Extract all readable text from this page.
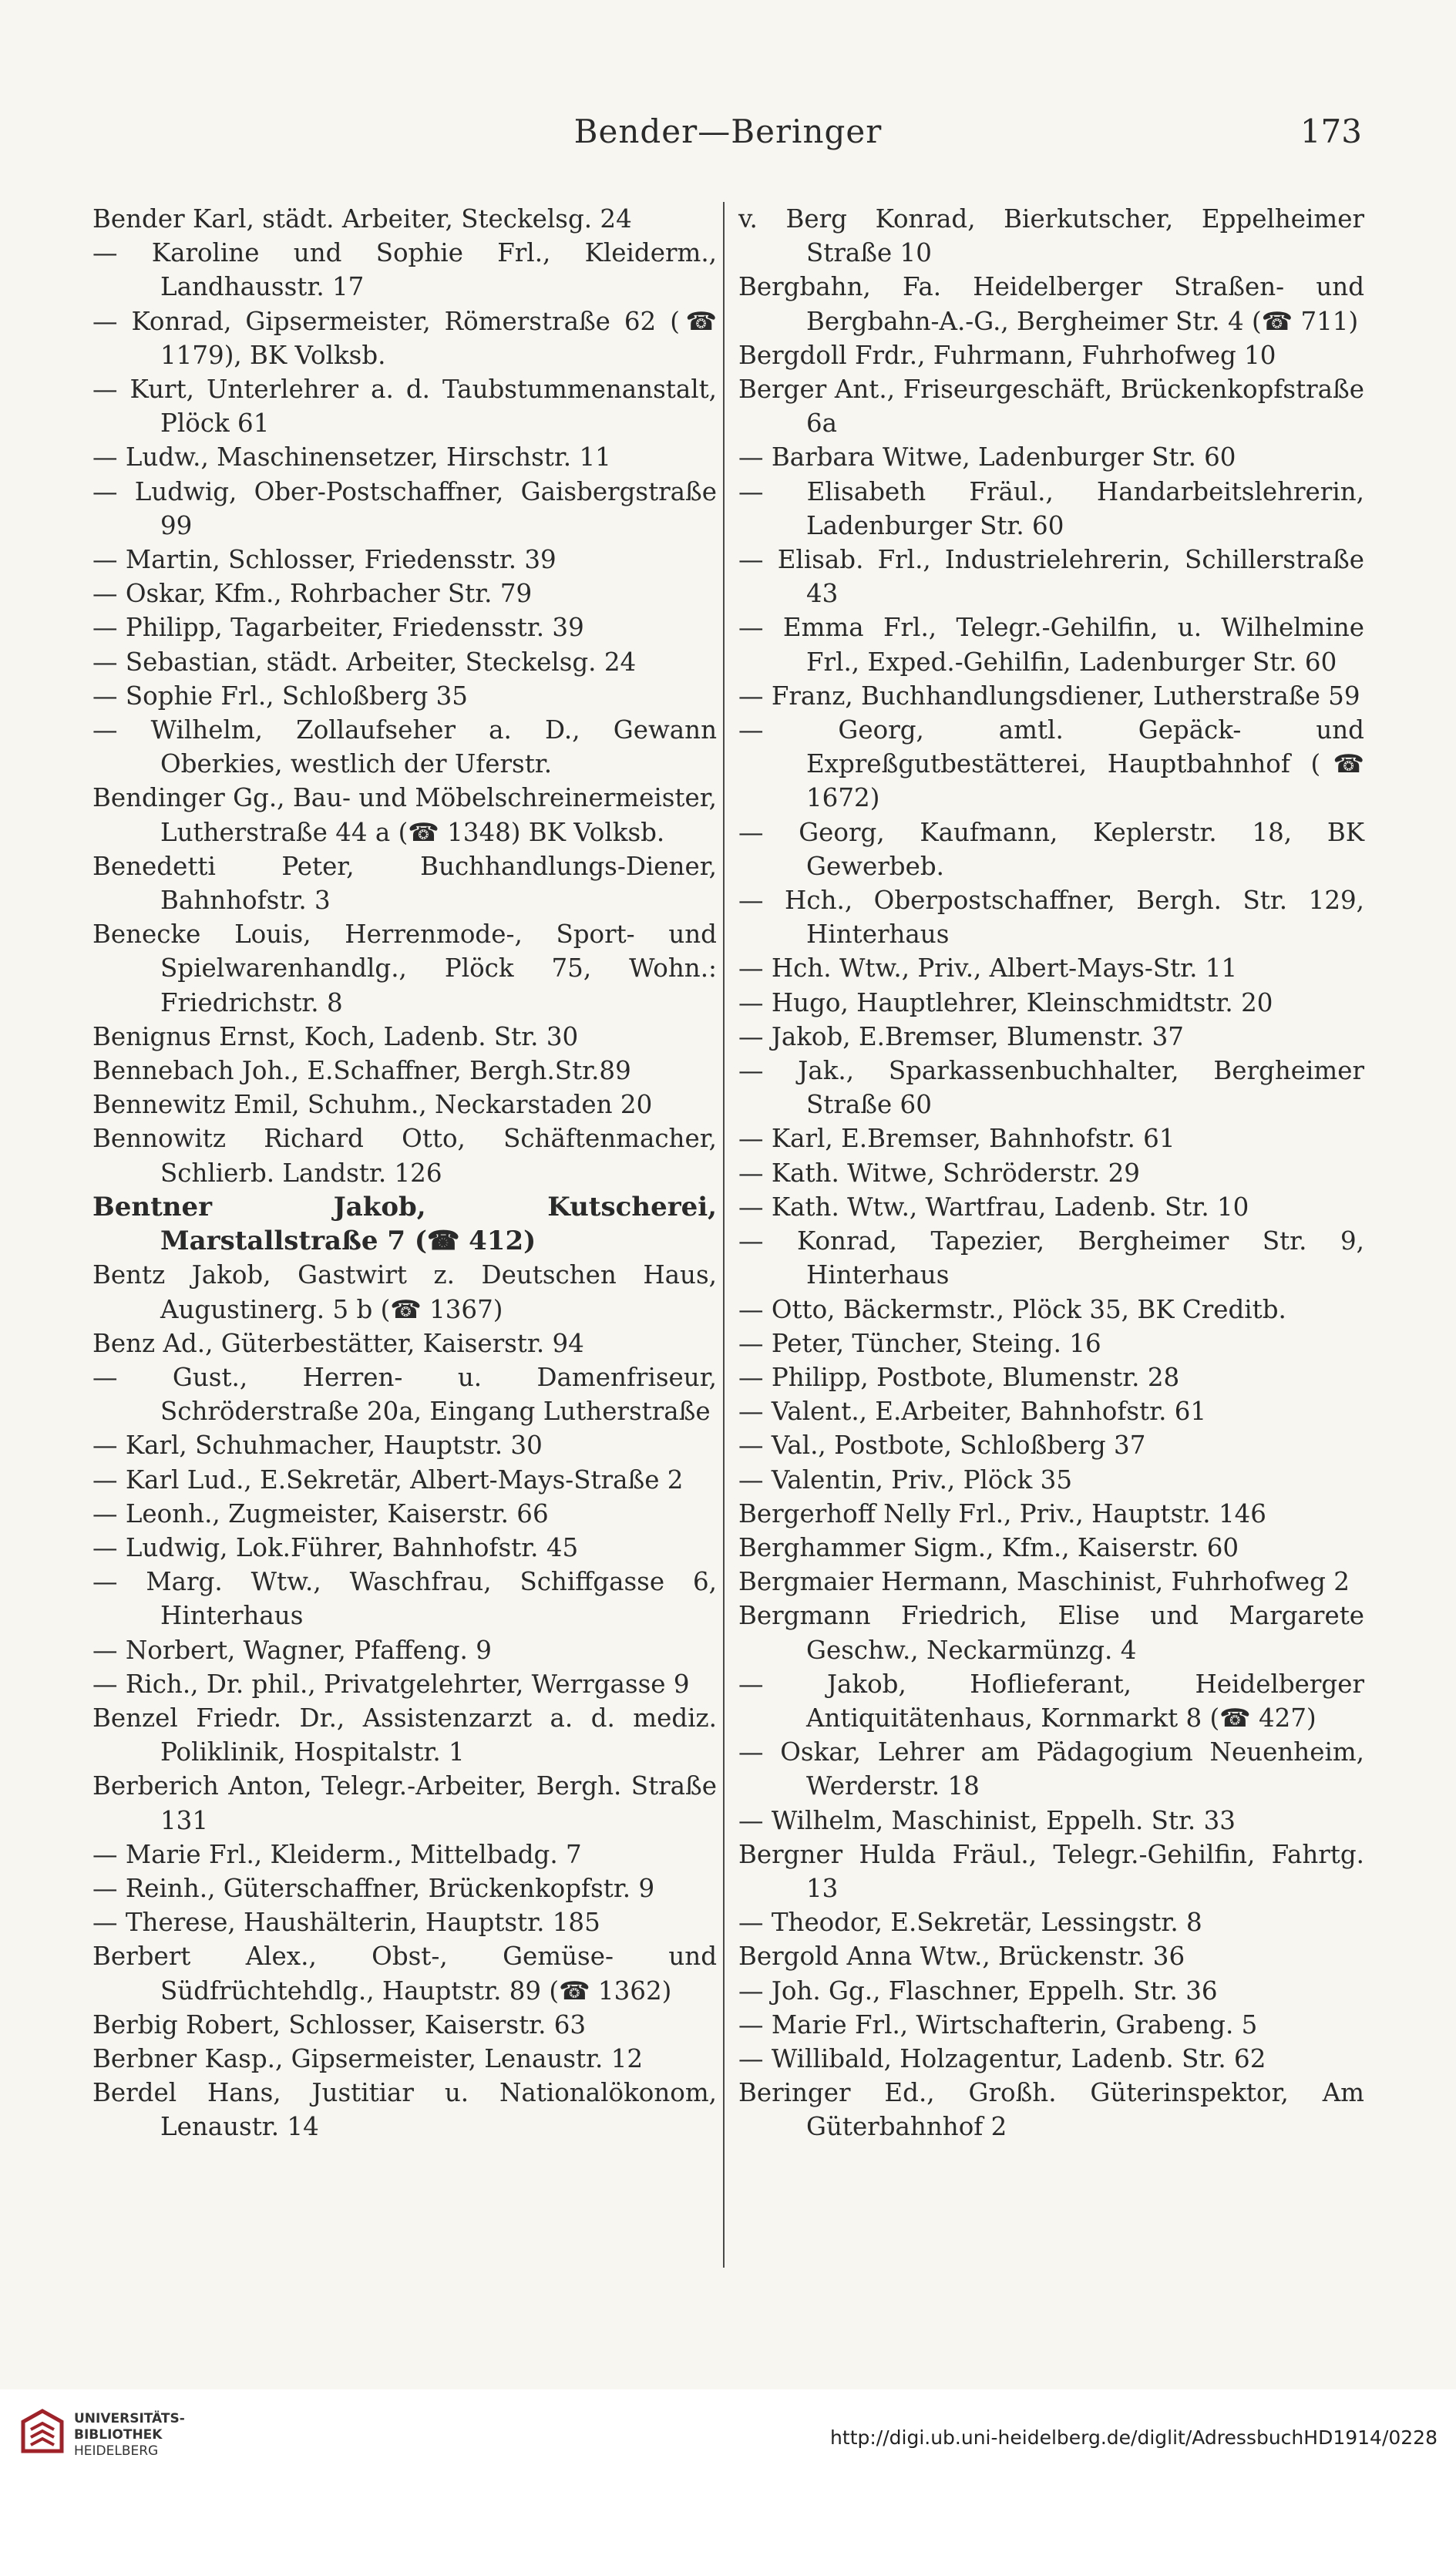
Bender—Beringer	173
Bender Karl, städt. Arbeiter, Steckelsg. 24
— Karoline und Sophie Frl., Kleiderm., Landhausstr. 17
— Konrad, Gipsermeister, Römerstraße 62 (☎ 1179), BK Volksb.
— Kurt, Unterlehrer a. d. Taubstummenanstalt, Plöck 61
— Ludw., Maschinensetzer, Hirschstr. 11
— Ludwig, Ober-Postschaffner, Gaisbergstraße 99
— Martin, Schlosser, Friedensstr. 39
— Oskar, Kfm., Rohrbacher Str. 79
— Philipp, Tagarbeiter, Friedensstr. 39
— Sebastian, städt. Arbeiter, Steckelsg. 24
— Sophie Frl., Schloßberg 35
— Wilhelm, Zollaufseher a. D., Gewann Oberkies, westlich der Uferstr.
Bendinger Gg., Bau- und Möbelschreinermeister, Lutherstraße 44 a (☎ 1348) BK Volksb.
Benedetti Peter, Buchhandlungs-Diener, Bahnhofstr. 3
Benecke Louis, Herrenmode-, Sport- und Spielwarenhandlg., Plöck 75, Wohn.: Friedrichstr. 8
Benignus Ernst, Koch, Ladenb. Str. 30
Bennebach Joh., E.Schaffner, Bergh.Str.89
Bennewitz Emil, Schuhm., Neckarstaden 20
Bennowitz Richard Otto, Schäftenmacher, Schlierb. Landstr. 126
Bentner Jakob, Kutscherei, Marstallstraße 7 (☎ 412)
Bentz Jakob, Gastwirt z. Deutschen Haus, Augustinerg. 5 b (☎ 1367)
Benz Ad., Güterbestätter, Kaiserstr. 94
— Gust., Herren- u. Damenfriseur, Schröderstraße 20a, Eingang Lutherstraße
— Karl, Schuhmacher, Hauptstr. 30
— Karl Lud., E.Sekretär, Albert-Mays-Straße 2
— Leonh., Zugmeister, Kaiserstr. 66
— Ludwig, Lok.Führer, Bahnhofstr. 45
— Marg. Wtw., Waschfrau, Schiffgasse 6, Hinterhaus
— Norbert, Wagner, Pfaffeng. 9
— Rich., Dr. phil., Privatgelehrter, Werrgasse 9
Benzel Friedr. Dr., Assistenzarzt a. d. mediz. Poliklinik, Hospitalstr. 1
Berberich Anton, Telegr.-Arbeiter, Bergh. Straße 131
— Marie Frl., Kleiderm., Mittelbadg. 7
— Reinh., Güterschaffner, Brückenkopfstr. 9
— Therese, Haushälterin, Hauptstr. 185
Berbert Alex., Obst-, Gemüse- und Südfrüchtehdlg., Hauptstr. 89 (☎ 1362)
Berbig Robert, Schlosser, Kaiserstr. 63
Berbner Kasp., Gipsermeister, Lenaustr. 12
Berdel Hans, Justitiar u. Nationalökonom, Lenaustr. 14
v. Berg Konrad, Bierkutscher, Eppelheimer Straße 10
Bergbahn, Fa. Heidelberger Straßen- und Bergbahn-A.-G., Bergheimer Str. 4 (☎ 711)
Bergdoll Frdr., Fuhrmann, Fuhrhofweg 10
Berger Ant., Friseurgeschäft, Brückenkopfstraße 6a
— Barbara Witwe, Ladenburger Str. 60
— Elisabeth Fräul., Handarbeitslehrerin, Ladenburger Str. 60
— Elisab. Frl., Industrielehrerin, Schillerstraße 43
— Emma Frl., Telegr.-Gehilfin, u. Wilhelmine Frl., Exped.-Gehilfin, Ladenburger Str. 60
— Franz, Buchhandlungsdiener, Lutherstraße 59
— Georg, amtl. Gepäck- und Expreßgutbestätterei, Hauptbahnhof (☎ 1672)
— Georg, Kaufmann, Keplerstr. 18, BK Gewerbeb.
— Hch., Oberpostschaffner, Bergh. Str. 129, Hinterhaus
— Hch. Wtw., Priv., Albert-Mays-Str. 11
— Hugo, Hauptlehrer, Kleinschmidtstr. 20
— Jakob, E.Bremser, Blumenstr. 37
— Jak., Sparkassenbuchhalter, Bergheimer Straße 60
— Karl, E.Bremser, Bahnhofstr. 61
— Kath. Witwe, Schröderstr. 29
— Kath. Wtw., Wartfrau, Ladenb. Str. 10
— Konrad, Tapezier, Bergheimer Str. 9, Hinterhaus
— Otto, Bäckermstr., Plöck 35, BK Creditb.
— Peter, Tüncher, Steing. 16
— Philipp, Postbote, Blumenstr. 28
— Valent., E.Arbeiter, Bahnhofstr. 61
— Val., Postbote, Schloßberg 37
— Valentin, Priv., Plöck 35
Bergerhoff Nelly Frl., Priv., Hauptstr. 146
Berghammer Sigm., Kfm., Kaiserstr. 60
Bergmaier Hermann, Maschinist, Fuhrhofweg 2
Bergmann Friedrich, Elise und Margarete Geschw., Neckarmünzg. 4
— Jakob, Hoflieferant, Heidelberger Antiquitätenhaus, Kornmarkt 8 (☎ 427)
— Oskar, Lehrer am Pädagogium Neuenheim, Werderstr. 18
— Wilhelm, Maschinist, Eppelh. Str. 33
Bergner Hulda Fräul., Telegr.-Gehilfin, Fahrtg. 13
— Theodor, E.Sekretär, Lessingstr. 8
Bergold Anna Wtw., Brückenstr. 36
— Joh. Gg., Flaschner, Eppelh. Str. 36
— Marie Frl., Wirtschafterin, Grabeng. 5
— Willibald, Holzagentur, Ladenb. Str. 62
Beringer Ed., Großh. Güterinspektor, Am Güterbahnhof 2
UNIVERSITÄTS-
BIBLIOTHEK
HEIDELBERG
http://digi.ub.uni-heidelberg.de/diglit/AdressbuchHD1914/0228
